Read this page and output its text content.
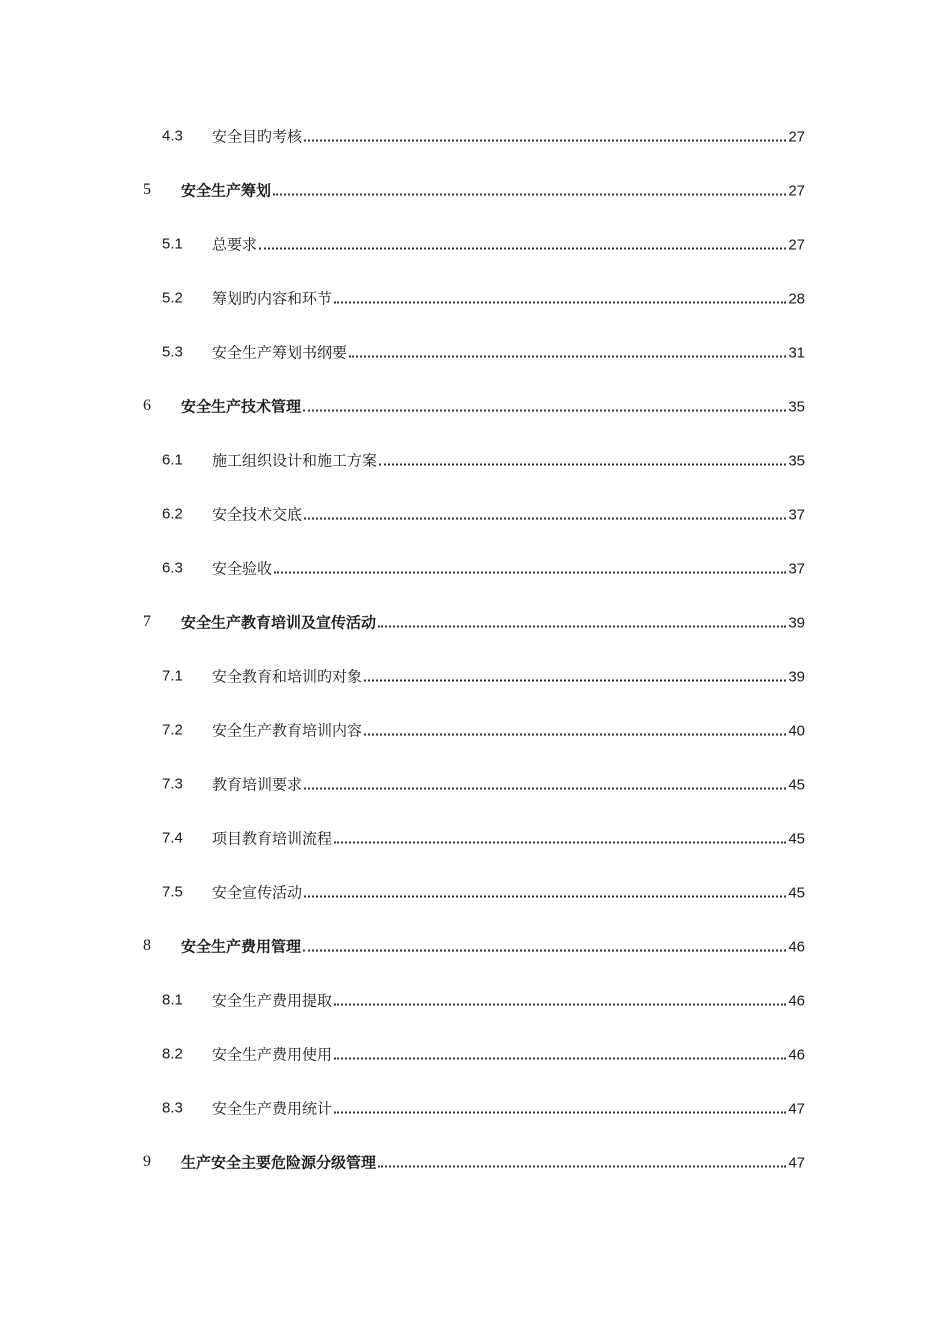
4.3 安全目旳考核	27
5 安全生产筹划	27
5.1 总要求	27
5.2 筹划旳内容和环节	28
5.3 安全生产筹划书纲要	31
6 安全生产技术管理	35
6.1 施工组织设计和施工方案	35
6.2 安全技术交底	37
6.3 安全验收	37
7 安全生产教育培训及宣传活动	39
7.1 安全教育和培训旳对象	39
7.2 安全生产教育培训内容	40
7.3 教育培训要求	45
7.4 项目教育培训流程	45
7.5 安全宣传活动	45
8 安全生产费用管理	46
8.1 安全生产费用提取	46
8.2 安全生产费用使用	46
8.3 安全生产费用统计	47
9 生产安全主要危险源分级管理	47
